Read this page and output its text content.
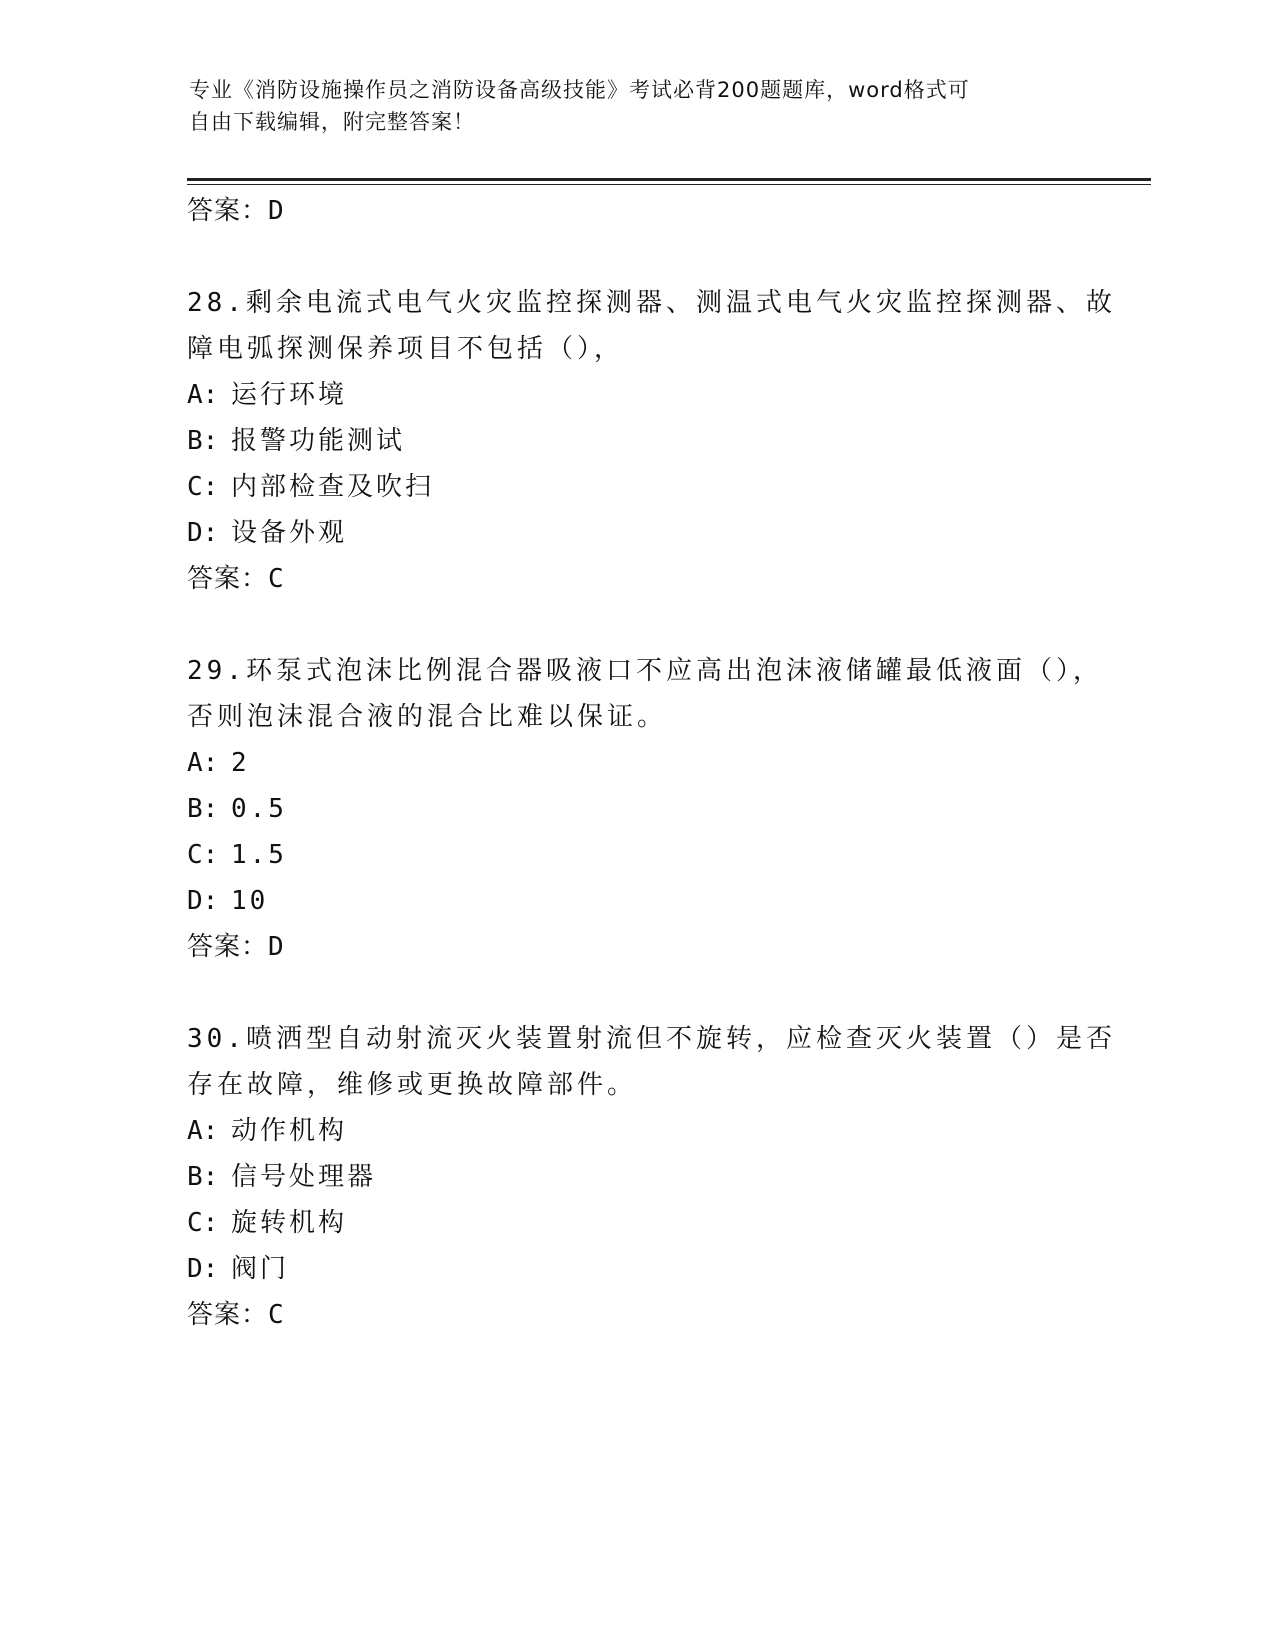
专业《消防设施操作员之消防设备高级技能》考试必背200题题库，word格式可
自由下载编辑，附完整答案！
答案：D
28.剩余电流式电气火灾监控探测器、测温式电气火灾监控探测器、故
障电弧探测保养项目不包括（），
A: 运行环境
B: 报警功能测试
C: 内部检查及吹扫
D: 设备外观
答案：C
29.环泵式泡沫比例混合器吸液口不应高出泡沫液储罐最低液面（），
否则泡沫混合液的混合比难以保证。
A: 2
B: 0.5
C: 1.5
D: 10
答案：D
30.喷洒型自动射流灭火装置射流但不旋转，应检查灭火装置（）是否
存在故障，维修或更换故障部件。
A: 动作机构
B: 信号处理器
C: 旋转机构
D: 阀门
答案：C
